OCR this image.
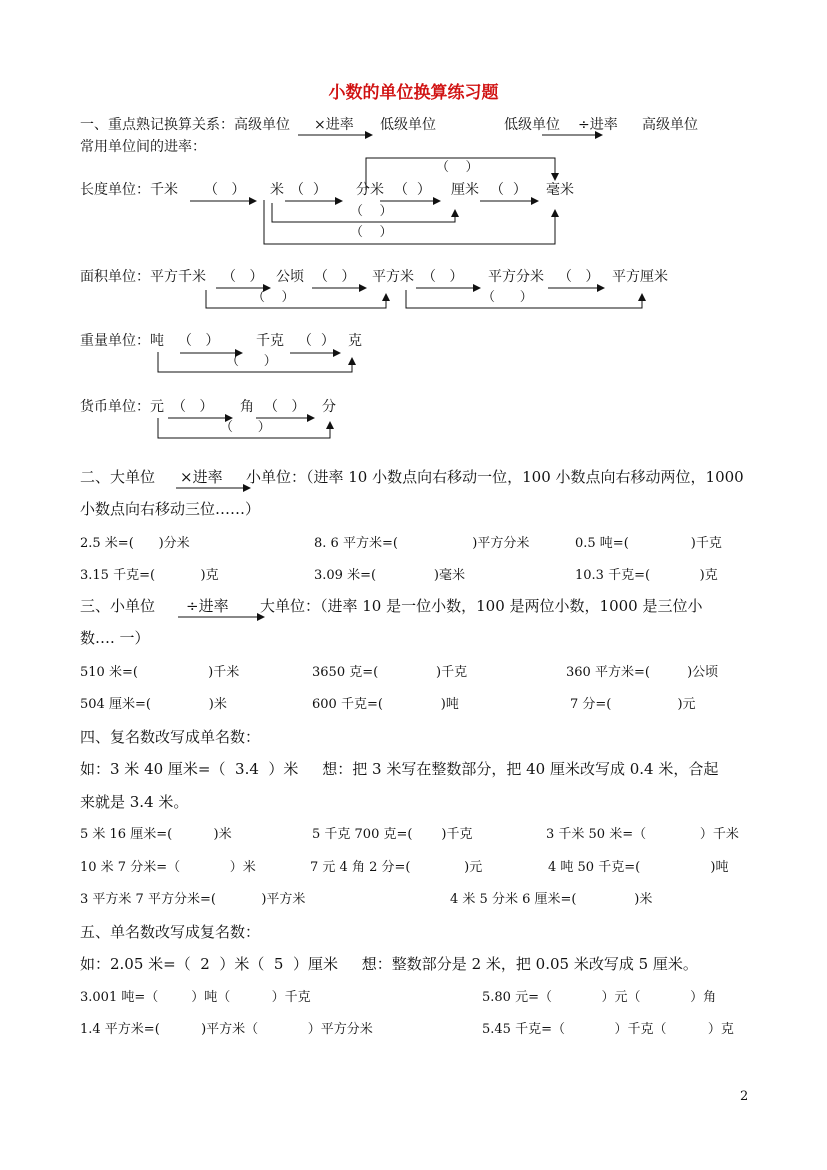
小数的单位换算练习题
一、重点熟记换算关系：高级单位 ×进率 低级单位	低级单位 ÷进率 高级单位
常用单位间的进率：
长度单位：千米 （   ） 米 （  ） 分米 （  ） 厘米 （  ） 毫米
（    ）
（    ）
（    ）
面积单位：平方千米 （   ） 公顷 （   ） 平方米 （   ） 平方分米 （   ） 平方厘米
（    ）	（      ）
重量单位：吨 （   ）	千克 （  ） 克
（      ）
货币单位：元 （   ） 角 （   ） 分
（      ）
二、大单位 ×进率 小单位：（进率 10 小数点向右移动一位，100 小数点向右移动两位，1000
小数点向右移动三位……）
2.5 米=(      )分米	8. 6 平方米=(                  )平方分米	0.5 吨=(               )千克
3.15 千克=(           )克	3.09 米=(              )毫米	10.3 千克=(            )克
三、小单位 ÷进率 大单位：（进率 10 是一位小数，100 是两位小数，1000 是三位小
数…. 一）
510 米=(                 )千米	3650 克=(              )千克	360 平方米=(         )公顷
504 厘米=(              )米	600 千克=(              )吨	7 分=(                )元
四、复名数改写成单名数：
如：3 米 40 厘米=（  3.4  ）米     想：把 3 米写在整数部分，把 40 厘米改写成 0.4 米，合起
来就是 3.4 米。
5 米 16 厘米=(          )米	5 千克 700 克=(       )千克	3 千米 50 米=（             ）千米
10 米 7 分米=（            ）米	7 元 4 角 2 分=(             )元	4 吨 50 千克=(                 )吨
3 平方米 7 平方分米=(           )平方米	4 米 5 分米 6 厘米=(              )米
五、单名数改写成复名数：
如：2.05 米=（  2  ）米（  5  ）厘米     想：整数部分是 2 米，把 0.05 米改写成 5 厘米。
3.001 吨=（        ）吨（          ）千克	5.80 元=（            ）元（            ）角
1.4 平方米=(          )平方米（            ）平方分米	5.45 千克=（            ）千克（          ）克
2
